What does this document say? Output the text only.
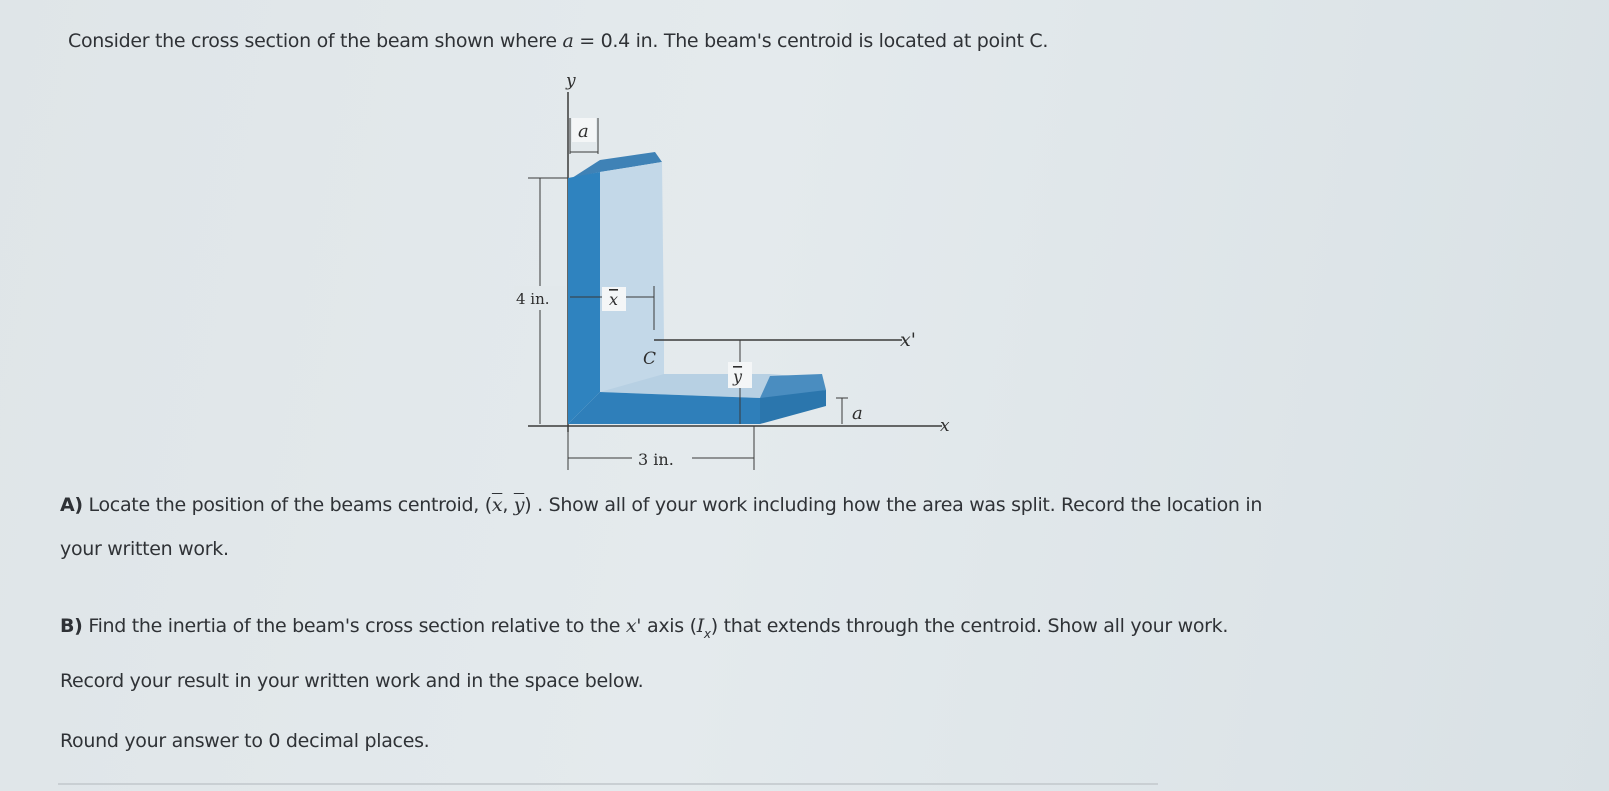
Consider the cross section of the beam shown where a = 0.4 in. The beam's centroid is located at point C.
y
x
a
4 in.	x
x'
C
y
a
3 in.
A) Locate the position of the beams centroid, ($\overline{x}$, $\overline{y}$) . Show all of your work including how the area was split. Record the location in
your written work.
B) Find the inertia of the beam's cross section relative to the x' axis $(I_x)$ that extends through the centroid. Show all your work.
Record your result in your written work and in the space below.
Round your answer to 0 decimal places.
